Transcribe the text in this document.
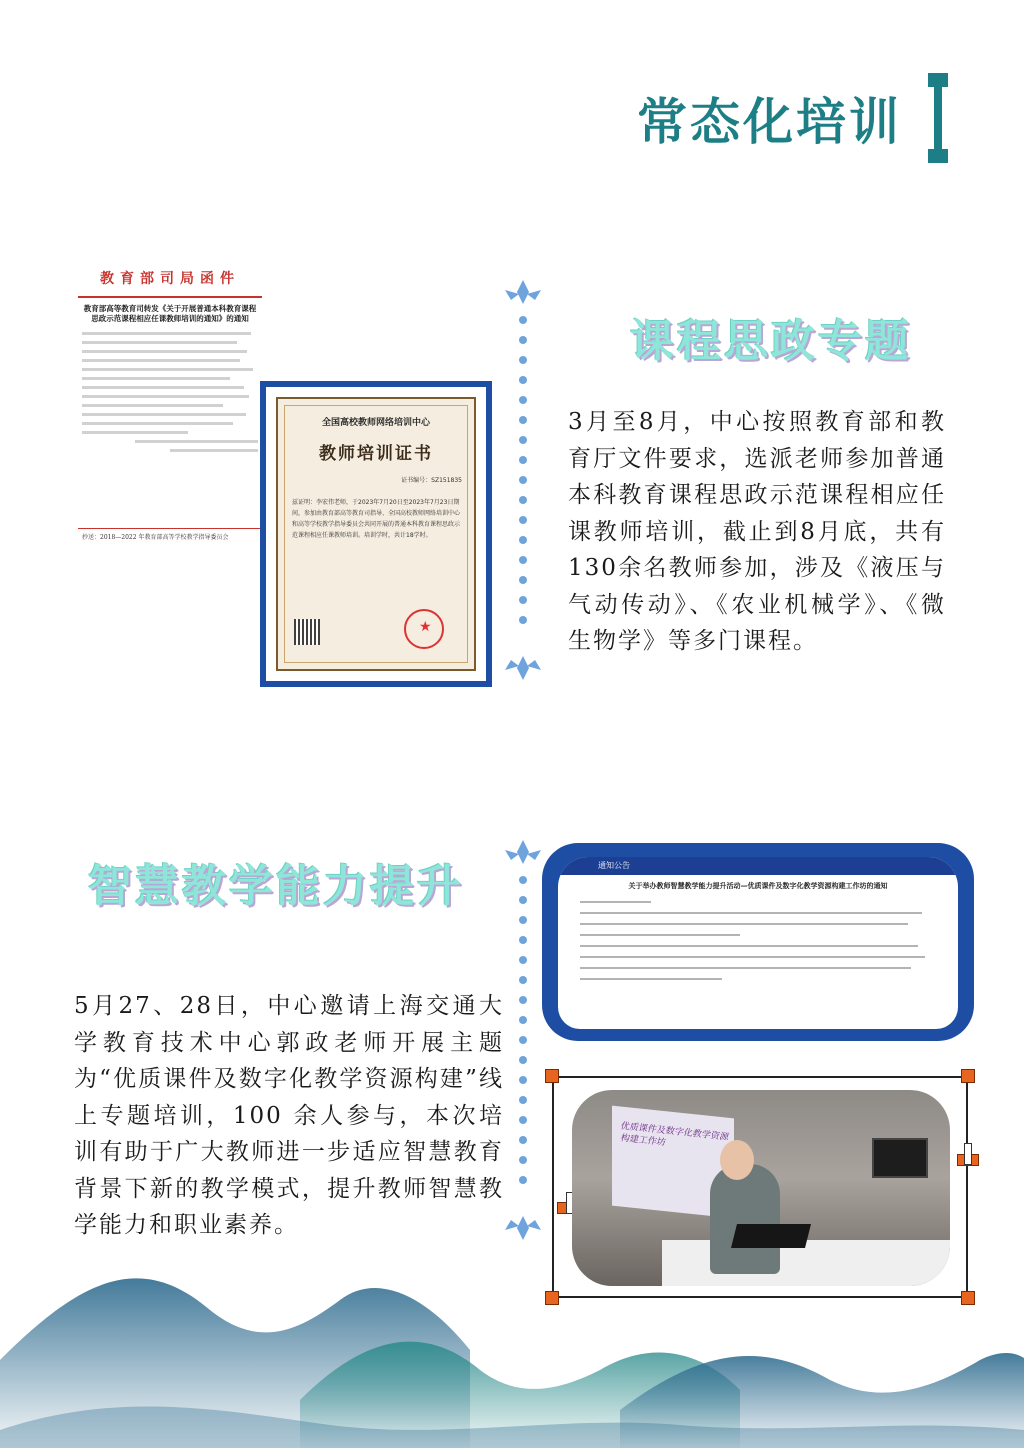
常态化培训
教育部司局函件
教育部高等教育司转发《关于开展普通本科教育课程思政示范课程相应任课教师培训的通知》的通知
抄送：2018—2022 年教育部高等学校教学指导委员会
全国高校教师网络培训中心
教师培训证书
证书编号：SZ151835
兹证明：李宏伟老师，于2023年7月20日至2023年7月23日期间，参加由教育部高等教育司指导、全国高校教师网络培训中心和高等学校教学指导委员会共同开展的普通本科教育课程思政示范课程相应任课教师培训。培训学时，共计18学时。
★
课程思政专题
3月至8月，中心按照教育部和教育厅文件要求，选派老师参加普通本科教育课程思政示范课程相应任课教师培训，截止到8月底，共有130余名教师参加，涉及《液压与气动传动》、《农业机械学》、《微生物学》等多门课程。
智慧教学能力提升
5月27、28日，中心邀请上海交通大学教育技术中心郭政老师开展主题为“优质课件及数字化教学资源构建”线上专题培训，100 余人参与，本次培训有助于广大教师进一步适应智慧教育背景下新的教学模式，提升教师智慧教学能力和职业素养。
通知公告
关于举办教师智慧教学能力提升活动—优质课件及数字化教学资源构建工作坊的通知
优质课件及数字化教学资源构建工作坊
